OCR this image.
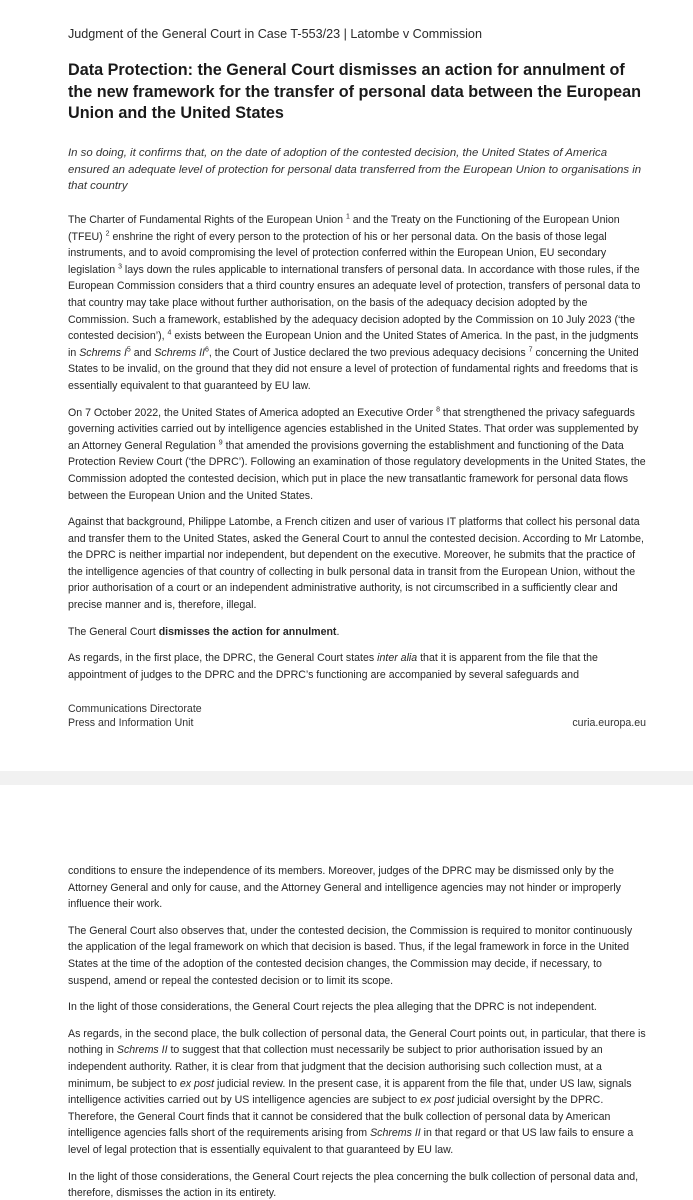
Judgment of the General Court in Case T-553/23 | Latombe v Commission
Data Protection: the General Court dismisses an action for annulment of the new framework for the transfer of personal data between the European Union and the United States
In so doing, it confirms that, on the date of adoption of the contested decision, the United States of America ensured an adequate level of protection for personal data transferred from the European Union to organisations in that country

The Charter of Fundamental Rights of the European Union $^1$ and the Treaty on the Functioning of the European Union (TFEU) $^2$ enshrine the right of every person to the protection of his or her personal data. On the basis of those legal instruments, and to avoid compromising the level of protection conferred within the European Union, EU secondary legislation $^3$ lays down the rules applicable to international transfers of personal data. In accordance with those rules, if the European Commission considers that a third country ensures an adequate level of protection, transfers of personal data to that country may take place without further authorisation, on the basis of the adequacy decision adopted by the Commission. Such a framework, established by the adequacy decision adopted by the Commission on 10 July 2023 (‘the contested decision’), $^4$ exists between the European Union and the United States of America. In the past, in the judgments in Schrems $I^5$ and Schrems $II^6$, the Court of Justice declared the two previous adequacy decisions $^7$ concerning the United States to be invalid, on the ground that they did not ensure a level of protection of fundamental rights and freedoms that is essentially equivalent to that guaranteed by EU law.

On 7 October 2022, the United States of America adopted an Executive Order $^8$ that strengthened the privacy safeguards governing activities carried out by intelligence agencies established in the United States. That order was supplemented by an Attorney General Regulation $^9$ that amended the provisions governing the establishment and functioning of the Data Protection Review Court (‘the DPRC’). Following an examination of those regulatory developments in the United States, the Commission adopted the contested decision, which put in place the new transatlantic framework for personal data flows between the European Union and the United States.

Against that background, Philippe Latombe, a French citizen and user of various IT platforms that collect his personal data and transfer them to the United States, asked the General Court to annul the contested decision. According to Mr Latombe, the DPRC is neither impartial nor independent, but dependent on the executive. Moreover, he submits that the practice of the intelligence agencies of that country of collecting in bulk personal data in transit from the European Union, without the prior authorisation of a court or an independent administrative authority, is not circumscribed in a sufficiently clear and precise manner and is, therefore, illegal.

The General Court dismisses the action for annulment.

As regards, in the first place, the DPRC, the General Court states inter alia that it is apparent from the file that the appointment of judges to the DPRC and the DPRC’s functioning are accompanied by several safeguards and

Communications Directorate
Press and Information Unit	curia.europa.eu

conditions to ensure the independence of its members. Moreover, judges of the DPRC may be dismissed only by the Attorney General and only for cause, and the Attorney General and intelligence agencies may not hinder or improperly influence their work.

The General Court also observes that, under the contested decision, the Commission is required to monitor continuously the application of the legal framework on which that decision is based. Thus, if the legal framework in force in the United States at the time of the adoption of the contested decision changes, the Commission may decide, if necessary, to suspend, amend or repeal the contested decision or to limit its scope.

In the light of those considerations, the General Court rejects the plea alleging that the DPRC is not independent.

As regards, in the second place, the bulk collection of personal data, the General Court points out, in particular, that there is nothing in Schrems II to suggest that that collection must necessarily be subject to prior authorisation issued by an independent authority. Rather, it is clear from that judgment that the decision authorising such collection must, at a minimum, be subject to ex post judicial review. In the present case, it is apparent from the file that, under US law, signals intelligence activities carried out by US intelligence agencies are subject to ex post judicial oversight by the DPRC. Therefore, the General Court finds that it cannot be considered that the bulk collection of personal data by American intelligence agencies falls short of the requirements arising from Schrems II in that regard or that US law fails to ensure a level of legal protection that is essentially equivalent to that guaranteed by EU law.

In the light of those considerations, the General Court rejects the plea concerning the bulk collection of personal data and, therefore, dismisses the action in its entirety.
